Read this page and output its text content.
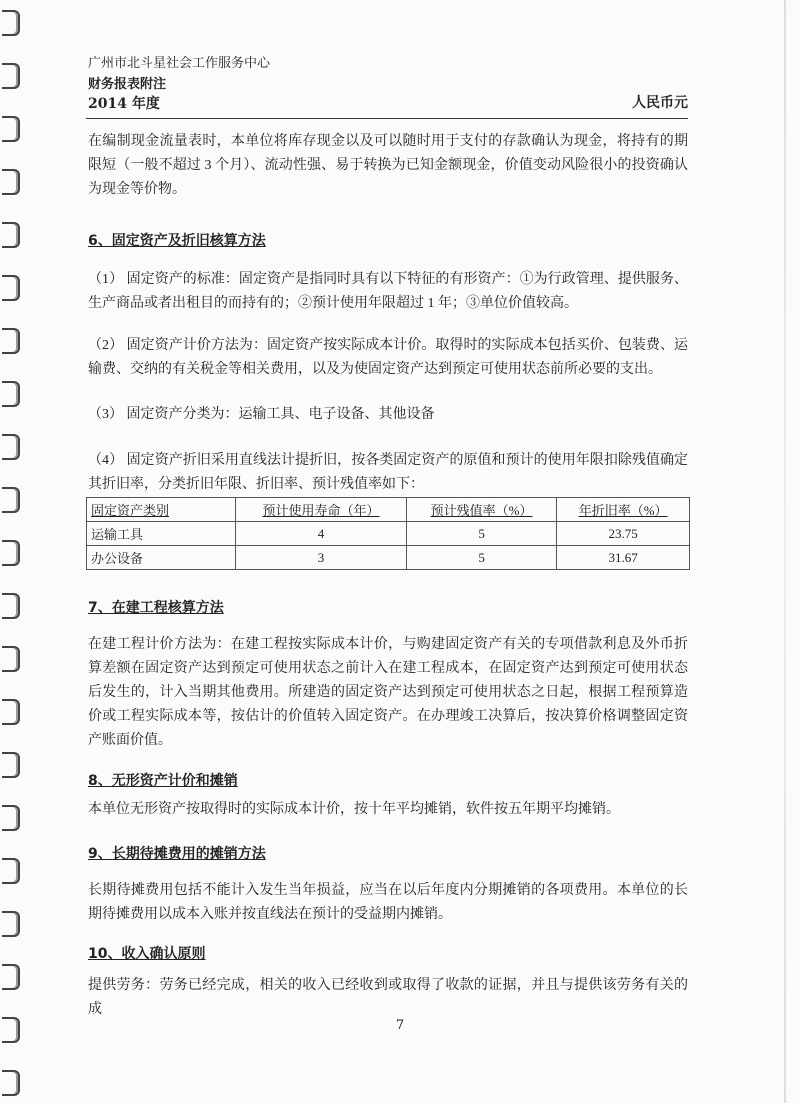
广州市北斗星社会工作服务中心
财务报表附注
2014 年度	人民币元
在编制现金流量表时，本单位将库存现金以及可以随时用于支付的存款确认为现金，将持有的期限短（一般不超过 3 个月）、流动性强、易于转换为已知金额现金，价值变动风险很小的投资确认为现金等价物。
6、固定资产及折旧核算方法
（1） 固定资产的标准：固定资产是指同时具有以下特征的有形资产：①为行政管理、提供服务、生产商品或者出租目的而持有的；②预计使用年限超过 1 年；③单位价值较高。
（2） 固定资产计价方法为：固定资产按实际成本计价。取得时的实际成本包括买价、包装费、运输费、交纳的有关税金等相关费用，以及为使固定资产达到预定可使用状态前所必要的支出。
（3） 固定资产分类为：运输工具、电子设备、其他设备
（4） 固定资产折旧采用直线法计提折旧，按各类固定资产的原值和预计的使用年限扣除残值确定其折旧率，分类折旧年限、折旧率、预计残值率如下：
固定资产类别	预计使用寿命（年）	预计残值率（%）	年折旧率（%）
运输工具	4	5	23.75
办公设备	3	5	31.67
7、在建工程核算方法
在建工程计价方法为：在建工程按实际成本计价，与购建固定资产有关的专项借款利息及外币折算差额在固定资产达到预定可使用状态之前计入在建工程成本，在固定资产达到预定可使用状态后发生的，计入当期其他费用。所建造的固定资产达到预定可使用状态之日起，根据工程预算造价或工程实际成本等，按估计的价值转入固定资产。在办理竣工决算后，按决算价格调整固定资产账面价值。
8、无形资产计价和摊销
本单位无形资产按取得时的实际成本计价，按十年平均摊销，软件按五年期平均摊销。
9、长期待摊费用的摊销方法
长期待摊费用包括不能计入发生当年损益，应当在以后年度内分期摊销的各项费用。本单位的长期待摊费用以成本入账并按直线法在预计的受益期内摊销。
10、收入确认原则
提供劳务：劳务已经完成，相关的收入已经收到或取得了收款的证据，并且与提供该劳务有关的成
7
